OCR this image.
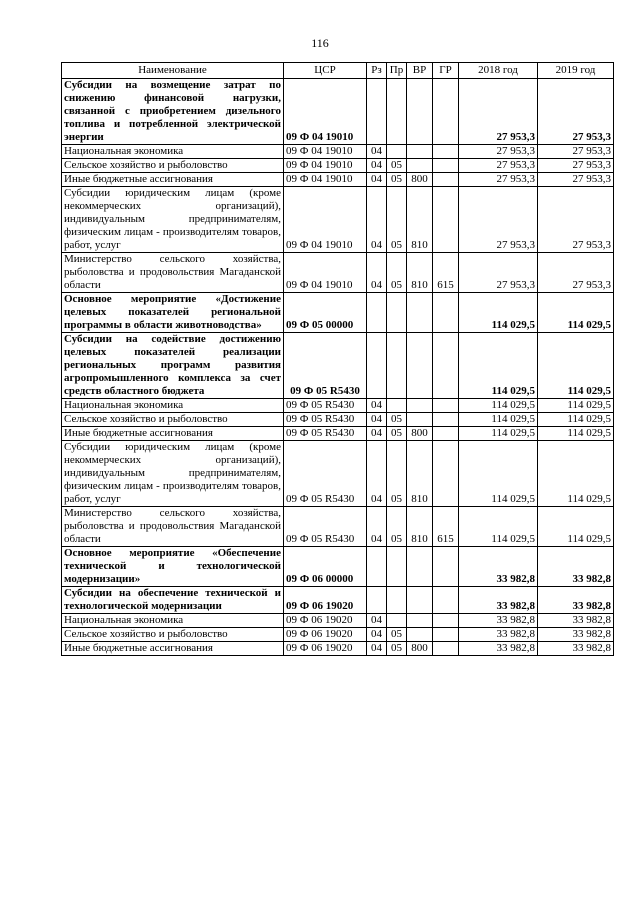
116
Наименование	ЦСР	Рз	Пр	ВР	ГР	2018 год	2019 год
Субсидии на возмещение затрат по снижению финансовой нагрузки, связанной с приобретением дизельного топлива и потребленной электрической энергии	09 Ф 04 19010					27 953,3	27 953,3
Национальная экономика	09 Ф 04 19010	04				27 953,3	27 953,3
Сельское хозяйство и рыболовство	09 Ф 04 19010	04	05			27 953,3	27 953,3
Иные бюджетные ассигнования	09 Ф 04 19010	04	05	800		27 953,3	27 953,3
Субсидии юридическим лицам (кроме некоммерческих организаций), индивидуальным предпринимателям, физическим лицам - производителям товаров, работ, услуг	09 Ф 04 19010	04	05	810		27 953,3	27 953,3
Министерство сельского хозяйства, рыболовства и продовольствия Магаданской области	09 Ф 04 19010	04	05	810	615	27 953,3	27 953,3
Основное мероприятие «Достижение целевых показателей региональной программы в области животноводства»	09 Ф 05 00000					114 029,5	114 029,5
Субсидии на содействие достижению целевых показателей реализации региональных программ развития агропромышленного комплекса за счет средств областного бюджета	09 Ф 05 R5430					114 029,5	114 029,5
Национальная экономика	09 Ф 05 R5430	04				114 029,5	114 029,5
Сельское хозяйство и рыболовство	09 Ф 05 R5430	04	05			114 029,5	114 029,5
Иные бюджетные ассигнования	09 Ф 05 R5430	04	05	800		114 029,5	114 029,5
Субсидии юридическим лицам (кроме некоммерческих организаций), индивидуальным предпринимателям, физическим лицам - производителям товаров, работ, услуг	09 Ф 05 R5430	04	05	810		114 029,5	114 029,5
Министерство сельского хозяйства, рыболовства и продовольствия Магаданской области	09 Ф 05 R5430	04	05	810	615	114 029,5	114 029,5
Основное мероприятие «Обеспечение технической и технологической модернизации»	09 Ф 06 00000					33 982,8	33 982,8
Субсидии на обеспечение технической и технологической модернизации	09 Ф 06 19020					33 982,8	33 982,8
Национальная экономика	09 Ф 06 19020	04				33 982,8	33 982,8
Сельское хозяйство и рыболовство	09 Ф 06 19020	04	05			33 982,8	33 982,8
Иные бюджетные ассигнования	09 Ф 06 19020	04	05	800		33 982,8	33 982,8
